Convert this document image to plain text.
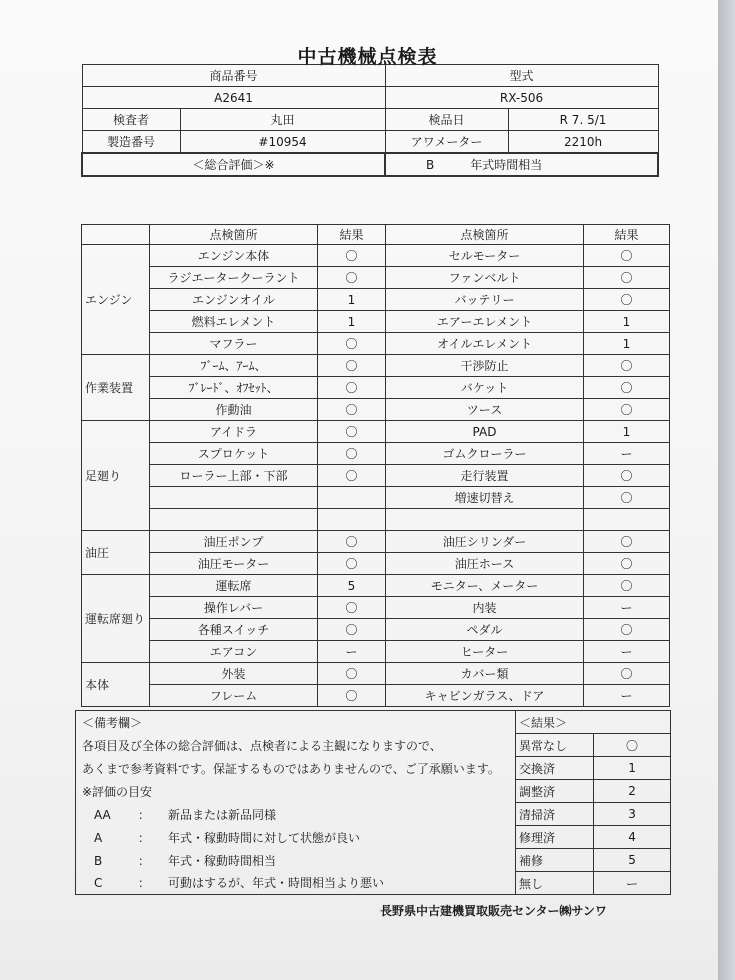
中古機械点検表
商品番号		型式	
A2641		RX-506	
検査者	丸田	検品日	R 7. 5/1
製造番号	#10954	アワメーター	2210h
＜総合評価＞※		B 年式時間相当	
	点検箇所	結果	点検箇所	結果
エンジン	エンジン本体	〇	セルモーター	〇
	ラジエータークーラント	〇	ファンベルト	〇
	エンジンオイル	1	バッテリー	〇
	燃料エレメント	1	エアーエレメント	1
	マフラー	〇	オイルエレメント	1
作業装置	ﾌﾞｰﾑ、ｱｰﾑ、	〇	干渉防止	〇
	ﾌﾞﾚｰﾄﾞ、ｵﾌｾｯﾄ、	〇	バケット	〇
	作動油	〇	ツース	〇
足廻り	アイドラ	〇	PAD	1
	スプロケット	〇	ゴムクローラー	ー
	ローラー上部・下部	〇	走行装置	〇
			増速切替え	〇

油圧	油圧ポンプ	〇	油圧シリンダー	〇
	油圧モーター	〇	油圧ホース	〇
運転席廻り	運転席	5	モニター、メーター	〇
	操作レバー	〇	内装	ー
	各種スイッチ	〇	ペダル	〇
	エアコン	ー	ヒーター	ー
本体	外装	〇	カバー類	〇
	フレーム	〇	キャビンガラス、ドア	ー
＜備考欄＞	＜結果＞	
各項目及び全体の総合評価は、点検者による主観になりますので、	異常なし	〇
あくまで参考資料です。保証するものではありませんので、ご了承願います。	交換済	1
※評価の目安	調整済	2
AA ： 新品または新品同様	清掃済	3
A ： 年式・稼動時間に対して状態が良い	修理済	4
B ： 年式・稼動時間相当	補修	5
C ： 可動はするが、年式・時間相当より悪い	無し	ー
長野県中古建機買取販売センター㈱サンワ
